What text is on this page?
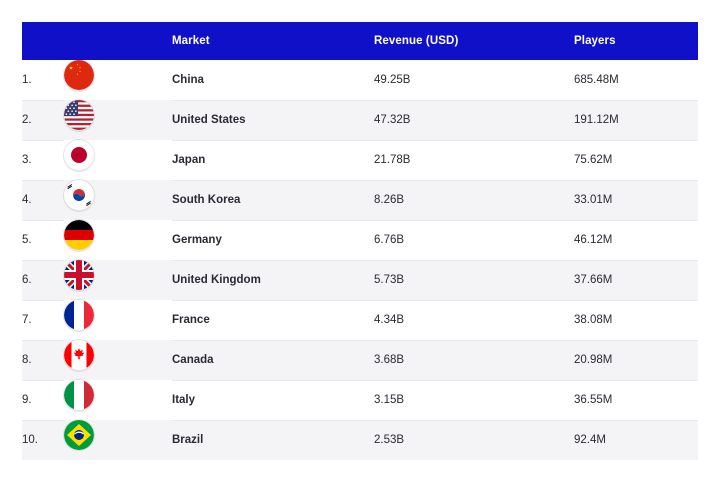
		Market	Revenue (USD)	Players
1.	China	49.25B	685.48M
2.	United States	47.32B	191.12M
3.	Japan	21.78B	75.62M
4.	South Korea	8.26B	33.01M
5.	Germany	6.76B	46.12M
6.	United Kingdom	5.73B	37.66M
7.	France	4.34B	38.08M
8.	Canada	3.68B	20.98M
9.	Italy	3.15B	36.55M
10.	Brazil	2.53B	92.4M
